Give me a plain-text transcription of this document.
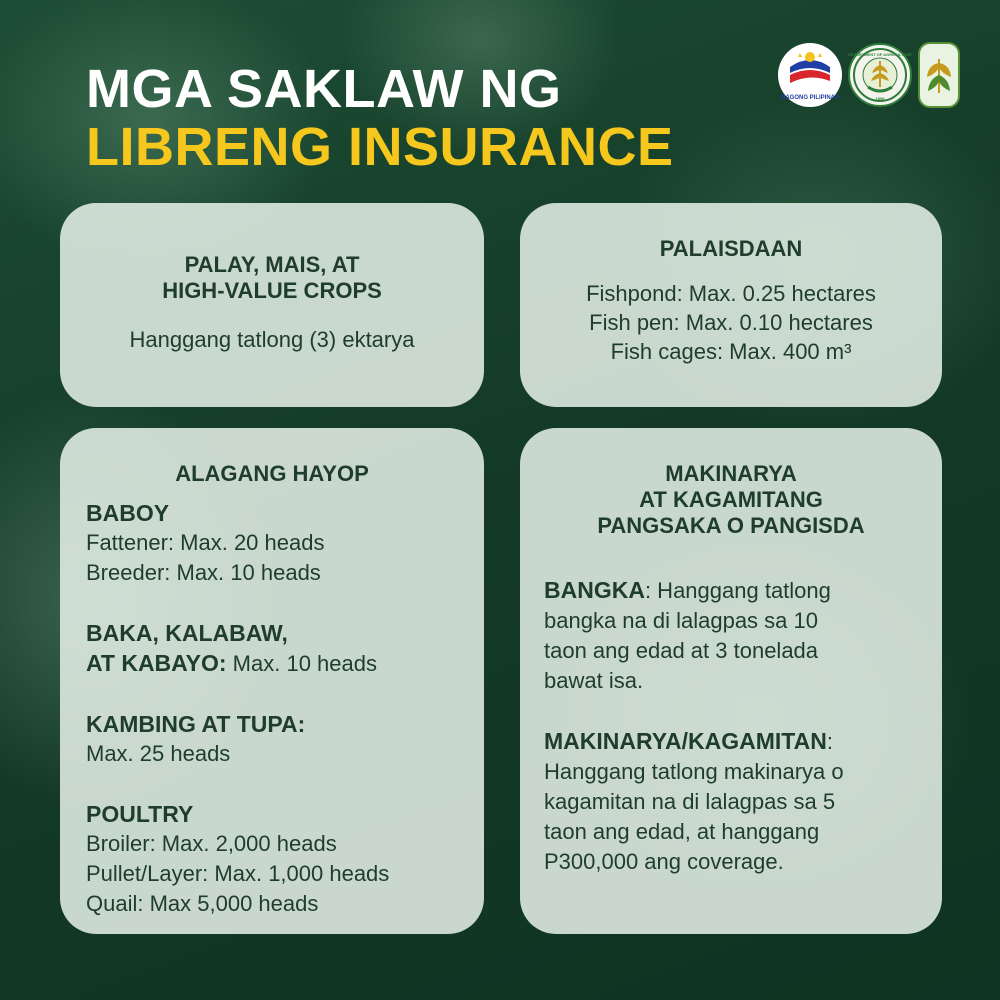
MGA SAKLAW NG
LIBRENG INSURANCE
BAGONG PILIPINAS
DEPARTMENT OF AGRICULTURE
1898
PALAY, MAIS, AT
HIGH-VALUE CROPS
Hanggang tatlong (3) ektarya
PALAISDAAN
Fishpond: Max. 0.25 hectares
Fish pen: Max. 0.10 hectares
Fish cages: Max. 400 m³
ALAGANG HAYOP
BABOY
Fattener: Max. 20 heads
Breeder: Max. 10 heads
BAKA, KALABAW,
AT KABAYO: Max. 10 heads
KAMBING AT TUPA:
Max. 25 heads
POULTRY
Broiler: Max. 2,000 heads
Pullet/Layer: Max. 1,000 heads
Quail: Max 5,000 heads
MAKINARYA
AT KAGAMITANG
PANGSAKA O PANGISDA
BANGKA: Hanggang tatlong
bangka na di lalagpas sa 10
taon ang edad at 3 tonelada
bawat isa.
MAKINARYA/KAGAMITAN:
Hanggang tatlong makinarya o
kagamitan na di lalagpas sa 5
taon ang edad, at hanggang
P300,000 ang coverage.
